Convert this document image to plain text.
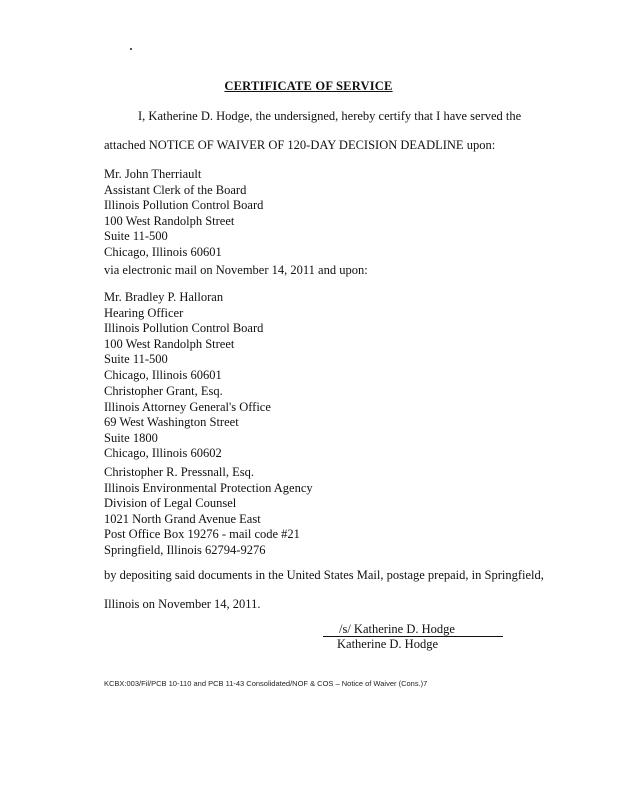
CERTIFICATE OF SERVICE
I, Katherine D. Hodge, the undersigned, hereby certify that I have served the
attached NOTICE OF WAIVER OF 120-DAY DECISION DEADLINE upon:
Mr. John Therriault
Assistant Clerk of the Board
Illinois Pollution Control Board
100 West Randolph Street
Suite 11-500
Chicago, Illinois 60601
via electronic mail on November 14, 2011 and upon:
Mr. Bradley P. Halloran
Hearing Officer
Illinois Pollution Control Board
100 West Randolph Street
Suite 11-500
Chicago, Illinois 60601
Christopher Grant, Esq.
Illinois Attorney General's Office
69 West Washington Street
Suite 1800
Chicago, Illinois 60602
Christopher R. Pressnall, Esq.
Illinois Environmental Protection Agency
Division of Legal Counsel
1021 North Grand Avenue East
Post Office Box 19276 - mail code #21
Springfield, Illinois 62794-9276
by depositing said documents in the United States Mail, postage prepaid, in Springfield,
Illinois on November 14, 2011.
/s/ Katherine D. Hodge
Katherine D. Hodge
KCBX:003/Fil/PCB 10-110 and PCB 11-43 Consolidated/NOF & COS – Notice of Waiver (Cons.)7
